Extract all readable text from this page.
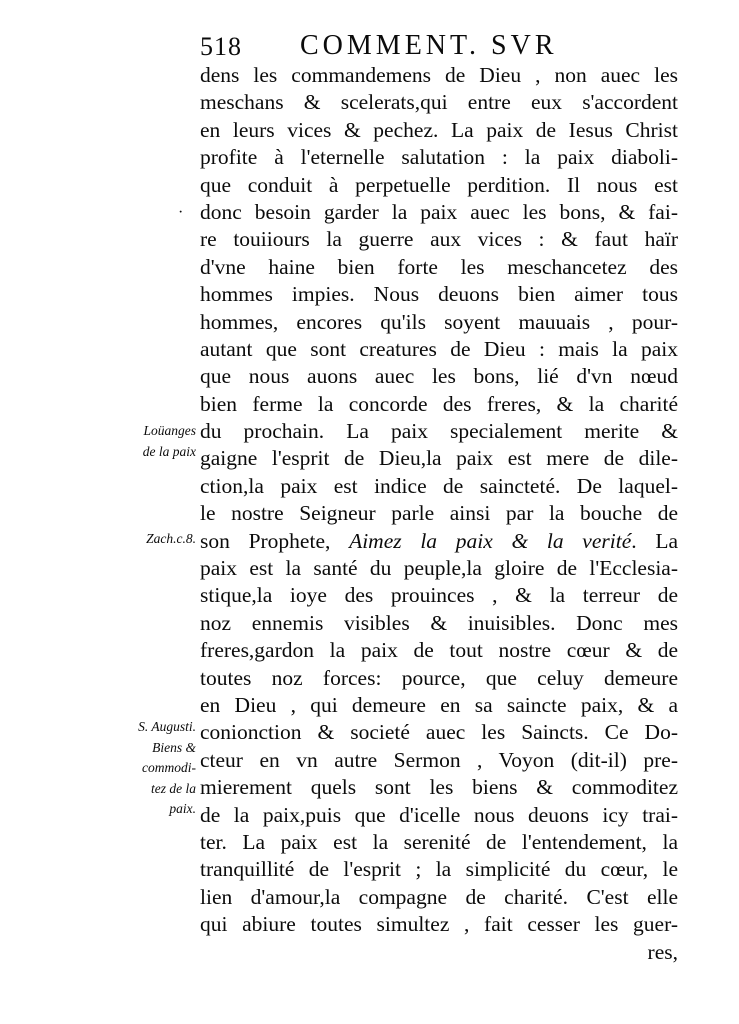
518 COMMENT. SVR
·
dens les commandemens de Dieu , non auec les
meschans & scelerats,qui entre eux s'accordent
en leurs vices & pechez. La paix de Iesus Christ
profite à l'eternelle salutation : la paix diaboli-
que conduit à perpetuelle perdition. Il nous est
donc besoin garder la paix auec les bons, & fai-
re touiiours la guerre aux vices : & faut haïr
d'vne haine bien forte les meschancetez des
hommes impies. Nous deuons bien aimer tous
hommes, encores qu'ils soyent mauuais , pour-
autant que sont creatures de Dieu : mais la paix
que nous auons auec les bons, lié d'vn nœud
bien ferme la concorde des freres, & la charité
du prochain. La paix specialement merite &
gaigne l'esprit de Dieu,la paix est mere de dile-
ction,la paix est indice de saincteté. De laquel-
le nostre Seigneur parle ainsi par la bouche de
son Prophete, Aimez la paix & la verité. La
paix est la santé du peuple,la gloire de l'Ecclesia-
stique,la ioye des prouinces , & la terreur de
noz ennemis visibles & inuisibles. Donc mes
freres,gardon la paix de tout nostre cœur & de
toutes noz forces: pource, que celuy demeure
en Dieu , qui demeure en sa saincte paix, & a
conionction & societé auec les Saincts. Ce Do-
cteur en vn autre Sermon , Voyon (dit-il) pre-
mierement quels sont les biens & commoditez
de la paix,puis que d'icelle nous deuons icy trai-
ter. La paix est la serenité de l'entendement, la
tranquillité de l'esprit ; la simplicité du cœur, le
lien d'amour,la compagne de charité. C'est elle
qui abiure toutes simultez , fait cesser les guer-
res,
Loüanges
de la paix
Zach.c.8.
S. Augusti.
Biens &
commodi-
tez de la
paix.
